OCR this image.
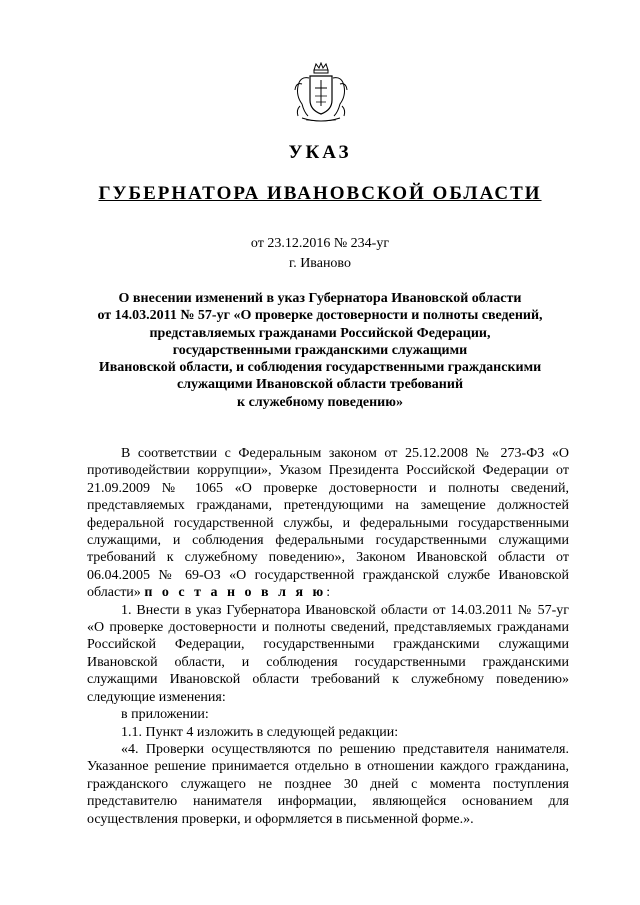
УКАЗ
ГУБЕРНАТОРА ИВАНОВСКОЙ ОБЛАСТИ
от 23.12.2016 № 234-уг
г. Иваново
О внесении изменений в указ Губернатора Ивановской области
от 14.03.2011 № 57-уг «О проверке достоверности и полноты сведений,
представляемых гражданами Российской Федерации,
государственными гражданскими служащими
Ивановской области, и соблюдения государственными гражданскими
служащими Ивановской области требований
к служебному поведению»
В соответствии с Федеральным законом от 25.12.2008 № 273-ФЗ «О противодействии коррупции», Указом Президента Российской Федерации от 21.09.2009 № 1065 «О проверке достоверности и полноты сведений, представляемых гражданами, претендующими на замещение должностей федеральной государственной службы, и федеральными государственными служащими, и соблюдения федеральными государственными служащими требований к служебному поведению», Законом Ивановской области от 06.04.2005 № 69-ОЗ «О государственной гражданской службе Ивановской области» п о с т а н о в л я ю:
1. Внести в указ Губернатора Ивановской области от 14.03.2011 № 57-уг «О проверке достоверности и полноты сведений, представляемых гражданами Российской Федерации, государственными гражданскими служащими Ивановской области, и соблюдения государственными гражданскими служащими Ивановской области требований к служебному поведению» следующие изменения:
в приложении:
1.1. Пункт 4 изложить в следующей редакции:
«4. Проверки осуществляются по решению представителя нанимателя. Указанное решение принимается отдельно в отношении каждого гражданина, гражданского служащего не позднее 30 дней с момента поступления представителю нанимателя информации, являющейся основанием для осуществления проверки, и оформляется в письменной форме.».
